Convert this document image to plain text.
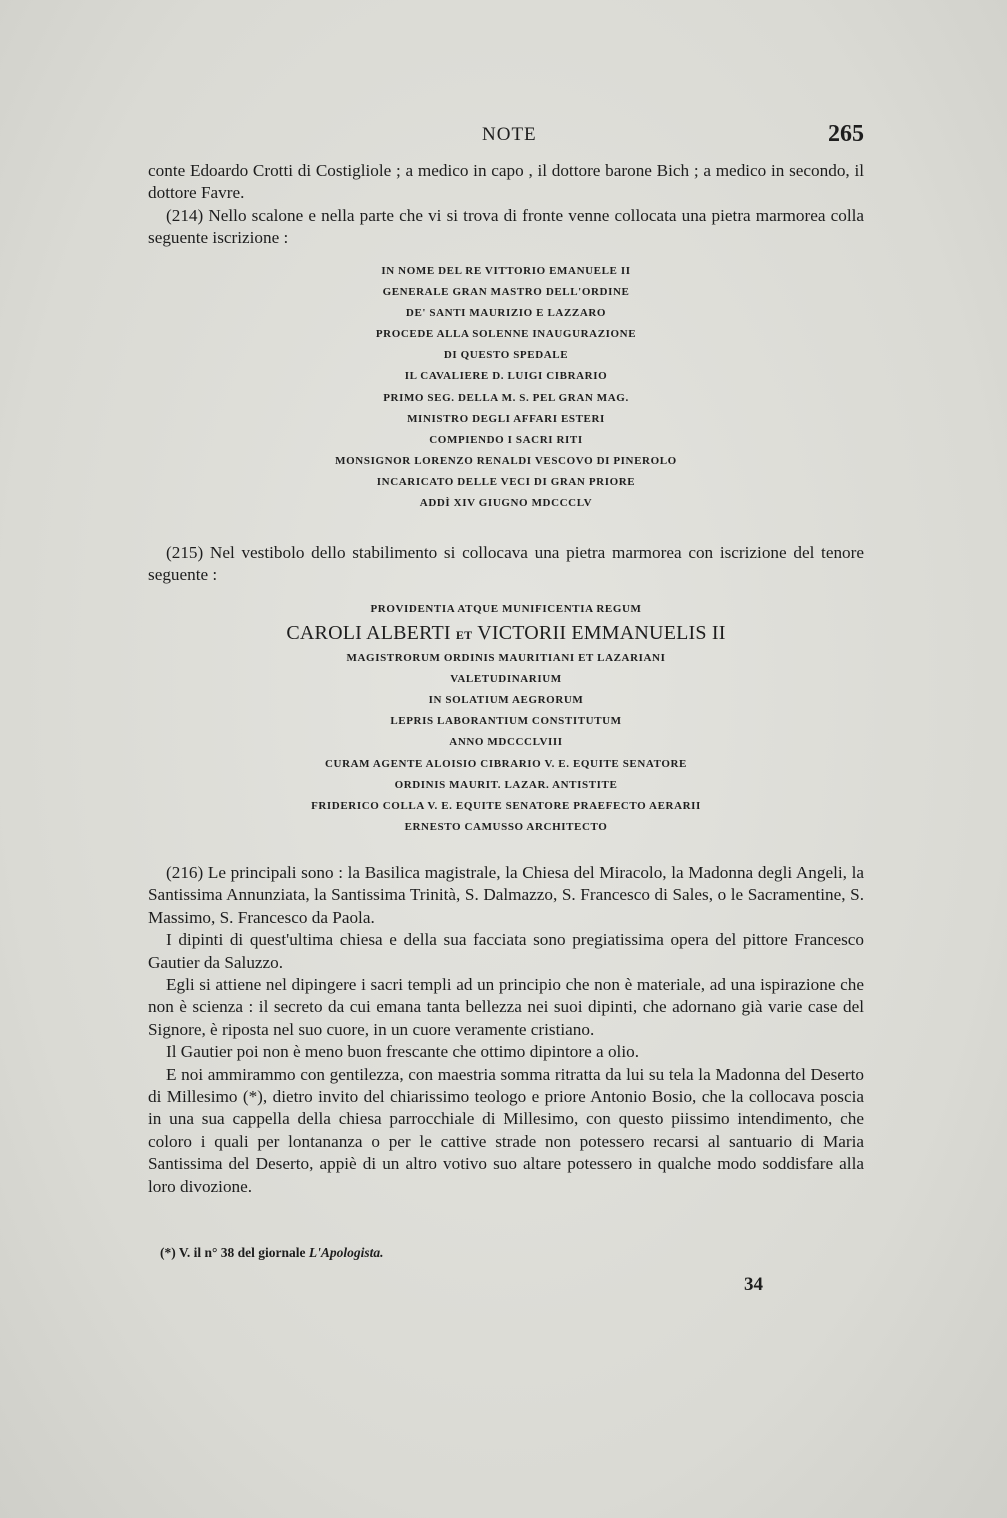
NOTE	265

conte Edoardo Crotti di Costigliole ; a medico in capo , il dottore barone Bich ; a medico in secondo, il dottore Favre.

(214) Nello scalone e nella parte che vi si trova di fronte venne collocata una pietra marmorea colla seguente iscrizione :

IN NOME DEL RE VITTORIO EMANUELE II
GENERALE GRAN MASTRO DELL'ORDINE
DE' SANTI MAURIZIO E LAZZARO
PROCEDE ALLA SOLENNE INAUGURAZIONE
DI QUESTO SPEDALE
IL CAVALIERE D. LUIGI CIBRARIO
PRIMO SEG. DELLA M. S. PEL GRAN MAG.
MINISTRO DEGLI AFFARI ESTERI
COMPIENDO I SACRI RITI
MONSIGNOR LORENZO RENALDI VESCOVO DI PINEROLO
INCARICATO DELLE VECI DI GRAN PRIORE
ADDÌ XIV GIUGNO MDCCCLV

(215) Nel vestibolo dello stabilimento si collocava una pietra marmorea con iscrizione del tenore seguente :

PROVIDENTIA ATQUE MUNIFICENTIA REGUM
CAROLI ALBERTI ET VICTORII EMMANUELIS II
MAGISTRORUM ORDINIS MAURITIANI ET LAZARIANI
VALETUDINARIUM
IN SOLATIUM AEGRORUM
LEPRIS LABORANTIUM CONSTITUTUM
ANNO MDCCCLVIII
CURAM AGENTE ALOISIO CIBRARIO V. E. EQUITE SENATORE
ORDINIS MAURIT. LAZAR. ANTISTITE
FRIDERICO COLLA V. E. EQUITE SENATORE PRAEFECTO AERARII
ERNESTO CAMUSSO ARCHITECTO

(216) Le principali sono : la Basilica magistrale, la Chiesa del Miracolo, la Madonna degli Angeli, la Santissima Annunziata, la Santissima Trinità, S. Dalmazzo, S. Francesco di Sales, o le Sacramentine, S. Massimo, S. Francesco da Paola.

I dipinti di quest'ultima chiesa e della sua facciata sono pregiatissima opera del pittore Francesco Gautier da Saluzzo.

Egli si attiene nel dipingere i sacri templi ad un principio che non è materiale, ad una ispirazione che non è scienza : il secreto da cui emana tanta bellezza nei suoi dipinti, che adornano già varie case del Signore, è riposta nel suo cuore, in un cuore veramente cristiano.

Il Gautier poi non è meno buon frescante che ottimo dipintore a olio.

E noi ammirammo con gentilezza, con maestria somma ritratta da lui su tela la Madonna del Deserto di Millesimo (*), dietro invito del chiarissimo teologo e priore Antonio Bosio, che la collocava poscia in una sua cappella della chiesa parrocchiale di Millesimo, con questo piissimo intendimento, che coloro i quali per lontananza o per le cattive strade non potessero recarsi al santuario di Maria Santissima del Deserto, appiè di un altro votivo suo altare potessero in qualche modo soddisfare alla loro divozione.

(*) V. il n° 38 del giornale L'Apologista.
34
